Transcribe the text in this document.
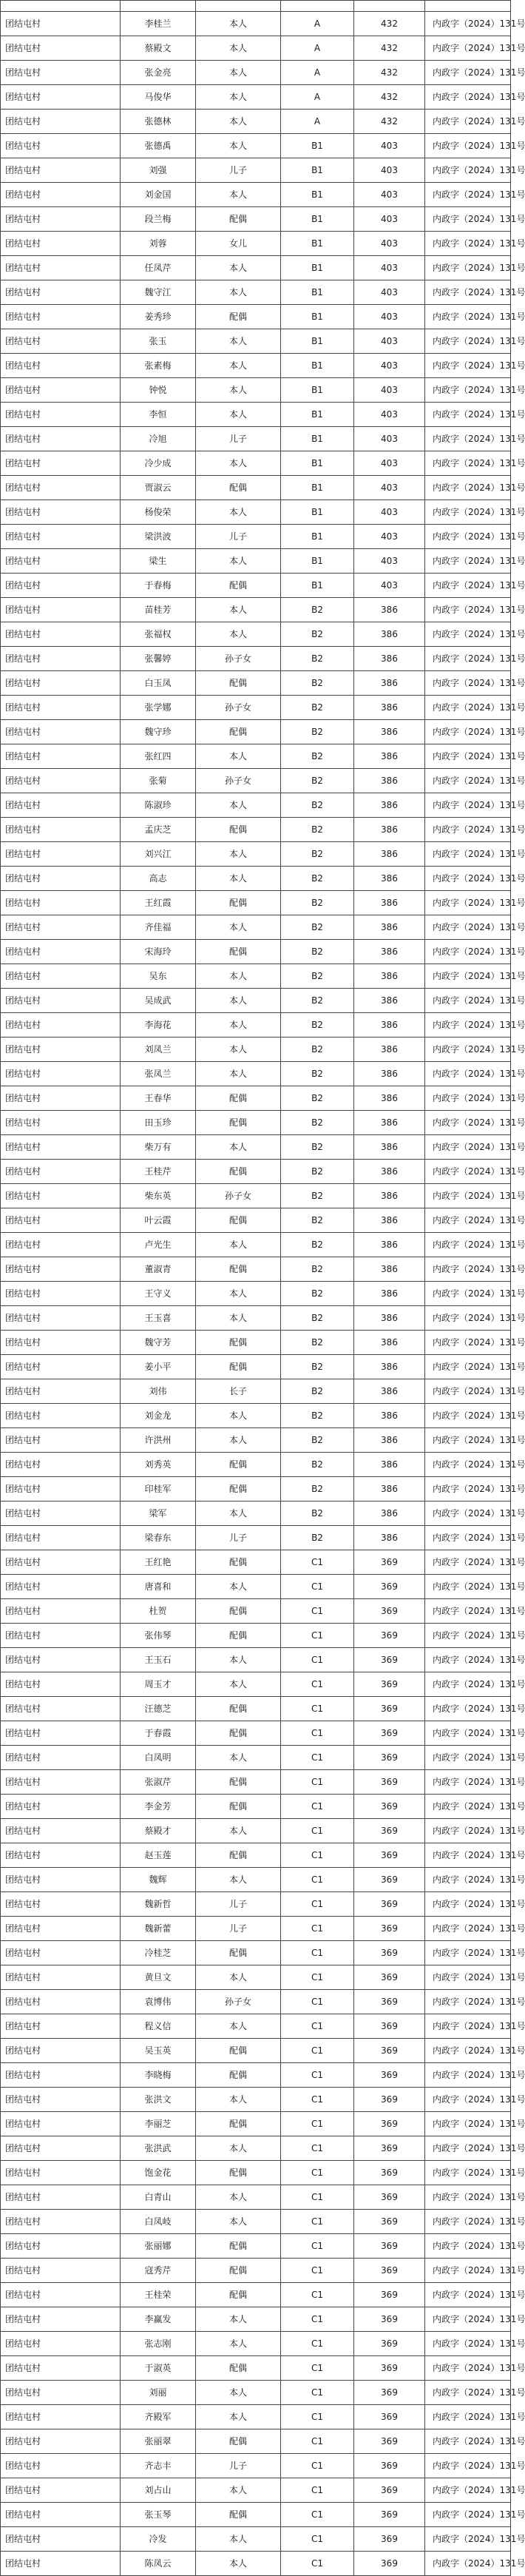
团结屯村	李桂兰	本人	A	432	内政字（2024）131号
团结屯村	蔡殿文	本人	A	432	内政字（2024）131号
团结屯村	张金亮	本人	A	432	内政字（2024）131号
团结屯村	马俊华	本人	A	432	内政字（2024）131号
团结屯村	张德林	本人	A	432	内政字（2024）131号
团结屯村	张德禹	本人	B1	403	内政字（2024）131号
团结屯村	刘强	儿子	B1	403	内政字（2024）131号
团结屯村	刘金国	本人	B1	403	内政字（2024）131号
团结屯村	段兰梅	配偶	B1	403	内政字（2024）131号
团结屯村	刘蓉	女儿	B1	403	内政字（2024）131号
团结屯村	任凤芹	本人	B1	403	内政字（2024）131号
团结屯村	魏守江	本人	B1	403	内政字（2024）131号
团结屯村	姜秀珍	配偶	B1	403	内政字（2024）131号
团结屯村	张玉	本人	B1	403	内政字（2024）131号
团结屯村	张素梅	本人	B1	403	内政字（2024）131号
团结屯村	钟悦	本人	B1	403	内政字（2024）131号
团结屯村	李恒	本人	B1	403	内政字（2024）131号
团结屯村	冷旭	儿子	B1	403	内政字（2024）131号
团结屯村	冷少成	本人	B1	403	内政字（2024）131号
团结屯村	贾淑云	配偶	B1	403	内政字（2024）131号
团结屯村	杨俊荣	本人	B1	403	内政字（2024）131号
团结屯村	梁洪波	儿子	B1	403	内政字（2024）131号
团结屯村	梁生	本人	B1	403	内政字（2024）131号
团结屯村	于春梅	配偶	B1	403	内政字（2024）131号
团结屯村	苗桂芳	本人	B2	386	内政字（2024）131号
团结屯村	张福权	本人	B2	386	内政字（2024）131号
团结屯村	张馨婷	孙子女	B2	386	内政字（2024）131号
团结屯村	白玉凤	配偶	B2	386	内政字（2024）131号
团结屯村	张学娜	孙子女	B2	386	内政字（2024）131号
团结屯村	魏守珍	配偶	B2	386	内政字（2024）131号
团结屯村	张红四	本人	B2	386	内政字（2024）131号
团结屯村	张菊	孙子女	B2	386	内政字（2024）131号
团结屯村	陈淑珍	本人	B2	386	内政字（2024）131号
团结屯村	孟庆芝	配偶	B2	386	内政字（2024）131号
团结屯村	刘兴江	本人	B2	386	内政字（2024）131号
团结屯村	高志	本人	B2	386	内政字（2024）131号
团结屯村	王红霞	配偶	B2	386	内政字（2024）131号
团结屯村	齐佳福	本人	B2	386	内政字（2024）131号
团结屯村	宋海玲	配偶	B2	386	内政字（2024）131号
团结屯村	吴东	本人	B2	386	内政字（2024）131号
团结屯村	吴成武	本人	B2	386	内政字（2024）131号
团结屯村	李海花	本人	B2	386	内政字（2024）131号
团结屯村	刘凤兰	本人	B2	386	内政字（2024）131号
团结屯村	张凤兰	本人	B2	386	内政字（2024）131号
团结屯村	王春华	配偶	B2	386	内政字（2024）131号
团结屯村	田玉珍	配偶	B2	386	内政字（2024）131号
团结屯村	柴万有	本人	B2	386	内政字（2024）131号
团结屯村	王桂芹	配偶	B2	386	内政字（2024）131号
团结屯村	柴东英	孙子女	B2	386	内政字（2024）131号
团结屯村	叶云霞	配偶	B2	386	内政字（2024）131号
团结屯村	卢光生	本人	B2	386	内政字（2024）131号
团结屯村	董淑青	配偶	B2	386	内政字（2024）131号
团结屯村	王守义	本人	B2	386	内政字（2024）131号
团结屯村	王玉喜	本人	B2	386	内政字（2024）131号
团结屯村	魏守芳	配偶	B2	386	内政字（2024）131号
团结屯村	姜小平	配偶	B2	386	内政字（2024）131号
团结屯村	刘伟	长子	B2	386	内政字（2024）131号
团结屯村	刘金龙	本人	B2	386	内政字（2024）131号
团结屯村	许洪州	本人	B2	386	内政字（2024）131号
团结屯村	刘秀英	配偶	B2	386	内政字（2024）131号
团结屯村	印桂军	配偶	B2	386	内政字（2024）131号
团结屯村	梁军	本人	B2	386	内政字（2024）131号
团结屯村	梁春东	儿子	B2	386	内政字（2024）131号
团结屯村	王红艳	配偶	C1	369	内政字（2024）131号
团结屯村	唐喜和	本人	C1	369	内政字（2024）131号
团结屯村	杜贺	配偶	C1	369	内政字（2024）131号
团结屯村	张伟琴	配偶	C1	369	内政字（2024）131号
团结屯村	王玉石	本人	C1	369	内政字（2024）131号
团结屯村	周玉才	本人	C1	369	内政字（2024）131号
团结屯村	汪德芝	配偶	C1	369	内政字（2024）131号
团结屯村	于春霞	配偶	C1	369	内政字（2024）131号
团结屯村	白凤明	本人	C1	369	内政字（2024）131号
团结屯村	张淑芹	配偶	C1	369	内政字（2024）131号
团结屯村	李金芳	配偶	C1	369	内政字（2024）131号
团结屯村	蔡殿才	本人	C1	369	内政字（2024）131号
团结屯村	赵玉莲	配偶	C1	369	内政字（2024）131号
团结屯村	魏辉	本人	C1	369	内政字（2024）131号
团结屯村	魏新哲	儿子	C1	369	内政字（2024）131号
团结屯村	魏新蕾	儿子	C1	369	内政字（2024）131号
团结屯村	冷桂芝	配偶	C1	369	内政字（2024）131号
团结屯村	黄旦文	本人	C1	369	内政字（2024）131号
团结屯村	袁博伟	孙子女	C1	369	内政字（2024）131号
团结屯村	程义信	本人	C1	369	内政字（2024）131号
团结屯村	吴玉英	配偶	C1	369	内政字（2024）131号
团结屯村	李晓梅	配偶	C1	369	内政字（2024）131号
团结屯村	张洪文	本人	C1	369	内政字（2024）131号
团结屯村	李丽芝	配偶	C1	369	内政字（2024）131号
团结屯村	张洪武	本人	C1	369	内政字（2024）131号
团结屯村	饱金花	配偶	C1	369	内政字（2024）131号
团结屯村	白青山	本人	C1	369	内政字（2024）131号
团结屯村	白凤岐	本人	C1	369	内政字（2024）131号
团结屯村	张丽娜	配偶	C1	369	内政字（2024）131号
团结屯村	寇秀芹	配偶	C1	369	内政字（2024）131号
团结屯村	王桂荣	配偶	C1	369	内政字（2024）131号
团结屯村	李赢发	本人	C1	369	内政字（2024）131号
团结屯村	张志刚	本人	C1	369	内政字（2024）131号
团结屯村	于淑英	配偶	C1	369	内政字（2024）131号
团结屯村	刘丽	本人	C1	369	内政字（2024）131号
团结屯村	齐殿军	本人	C1	369	内政字（2024）131号
团结屯村	张丽翠	配偶	C1	369	内政字（2024）131号
团结屯村	齐志丰	儿子	C1	369	内政字（2024）131号
团结屯村	刘占山	本人	C1	369	内政字（2024）131号
团结屯村	张玉琴	配偶	C1	369	内政字（2024）131号
团结屯村	冷发	本人	C1	369	内政字（2024）131号
团结屯村	陈凤云	本人	C1	369	内政字（2024）131号
